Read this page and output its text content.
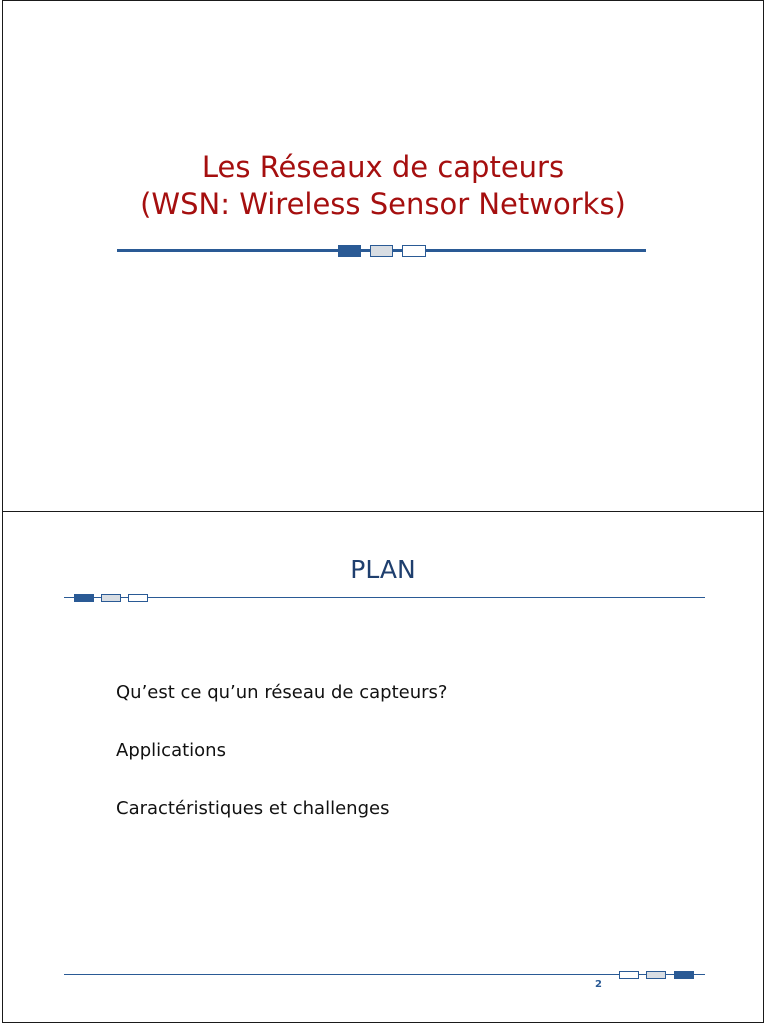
Les Réseaux de capteurs
(WSN: Wireless Sensor Networks)
PLAN
Qu’est ce qu’un réseau de capteurs?
Applications
Caractéristiques et challenges
2
